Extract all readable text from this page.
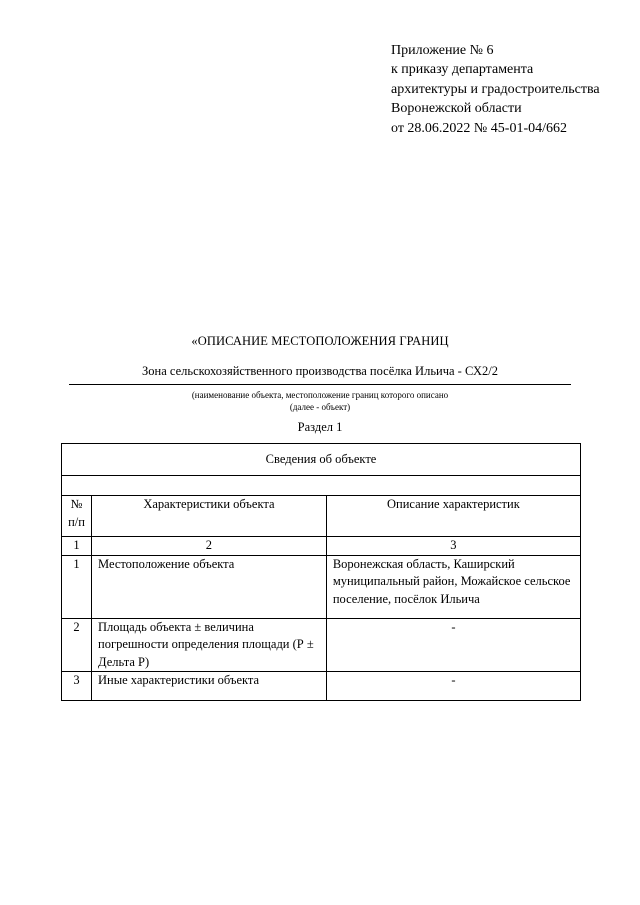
Приложение № 6
к приказу департамента
архитектуры и градостроительства
Воронежской области
от 28.06.2022 № 45-01-04/662
«ОПИСАНИЕ МЕСТОПОЛОЖЕНИЯ ГРАНИЦ
Зона сельскохозяйственного производства посёлка Ильича - СХ2/2
(наименование объекта, местоположение границ которого описано
(далее - объект)
Раздел 1
Сведения об объекте		

№ п/п	Характеристики объекта	Описание характеристик
1	2	3
1	Местоположение объекта	Воронежская область, Каширский муниципальный район, Можайское сельское поселение, посёлок Ильича
2	Площадь объекта ± величина погрешности определения площади (Р ± Дельта Р)	-
3	Иные характеристики объекта	-
